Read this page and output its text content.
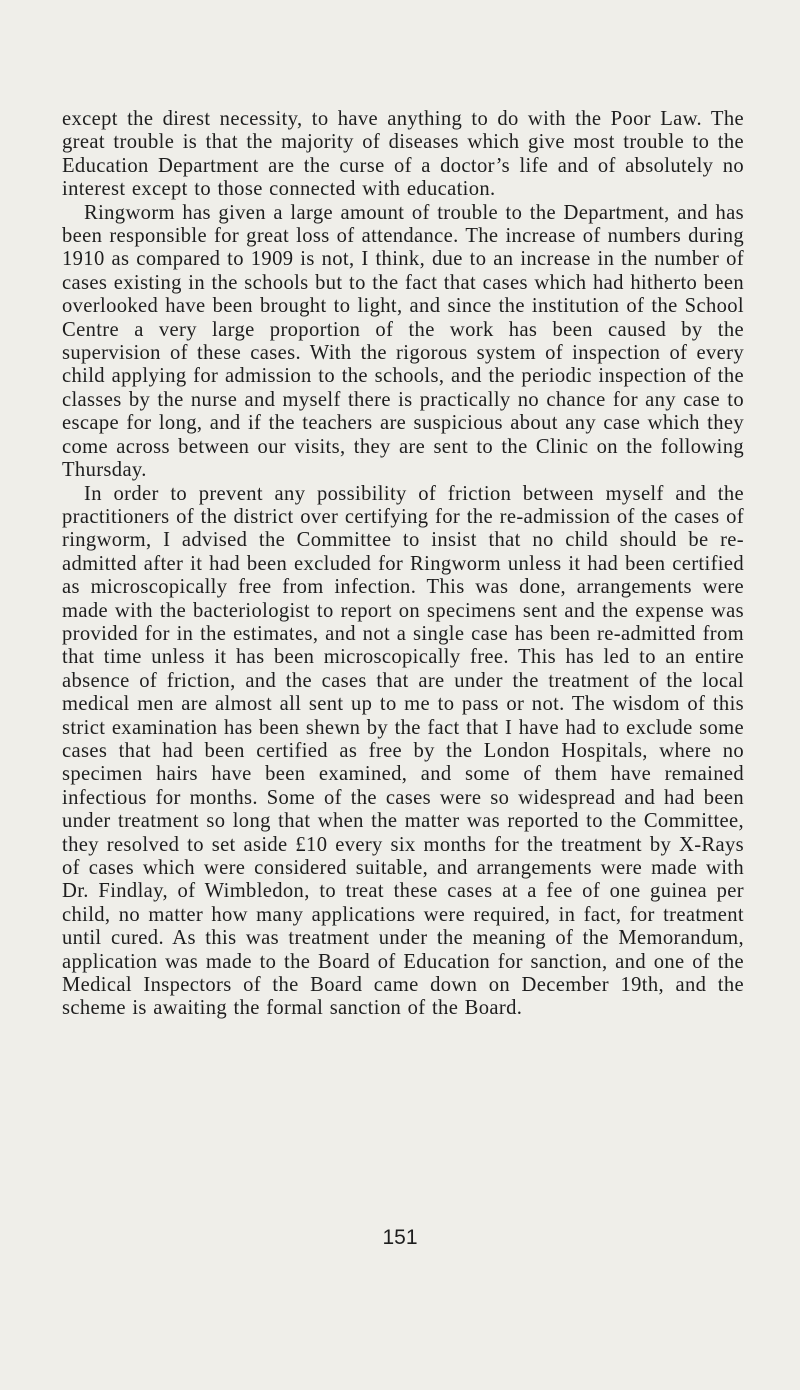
except the direst necessity, to have anything to do with the Poor Law. The great trouble is that the majority of diseases which give most trouble to the Education Department are the curse of a doctor’s life and of absolutely no interest except to those connected with education.

Ringworm has given a large amount of trouble to the Department, and has been responsible for great loss of attendance. The increase of numbers during 1910 as compared to 1909 is not, I think, due to an increase in the number of cases existing in the schools but to the fact that cases which had hitherto been overlooked have been brought to light, and since the institution of the School Centre a very large proportion of the work has been caused by the supervision of these cases. With the rigorous system of inspection of every child applying for admission to the schools, and the periodic inspection of the classes by the nurse and myself there is practically no chance for any case to escape for long, and if the teachers are suspicious about any case which they come across between our visits, they are sent to the Clinic on the following Thursday.

In order to prevent any possibility of friction between myself and the practitioners of the district over certifying for the re-admission of the cases of ringworm, I advised the Committee to insist that no child should be re-admitted after it had been excluded for Ringworm unless it had been certified as microscopically free from infection. This was done, arrangements were made with the bacteriologist to report on specimens sent and the expense was provided for in the estimates, and not a single case has been re-admitted from that time unless it has been microscopically free. This has led to an entire absence of friction, and the cases that are under the treatment of the local medical men are almost all sent up to me to pass or not. The wisdom of this strict examination has been shewn by the fact that I have had to exclude some cases that had been certified as free by the London Hospitals, where no specimen hairs have been examined, and some of them have remained infectious for months. Some of the cases were so widespread and had been under treatment so long that when the matter was reported to the Committee, they resolved to set aside £10 every six months for the treatment by X-Rays of cases which were considered suitable, and arrangements were made with Dr. Findlay, of Wimbledon, to treat these cases at a fee of one guinea per child, no matter how many applications were required, in fact, for treatment until cured. As this was treatment under the meaning of the Memorandum, application was made to the Board of Education for sanction, and one of the Medical Inspectors of the Board came down on December 19th, and the scheme is awaiting the formal sanction of the Board.

151
